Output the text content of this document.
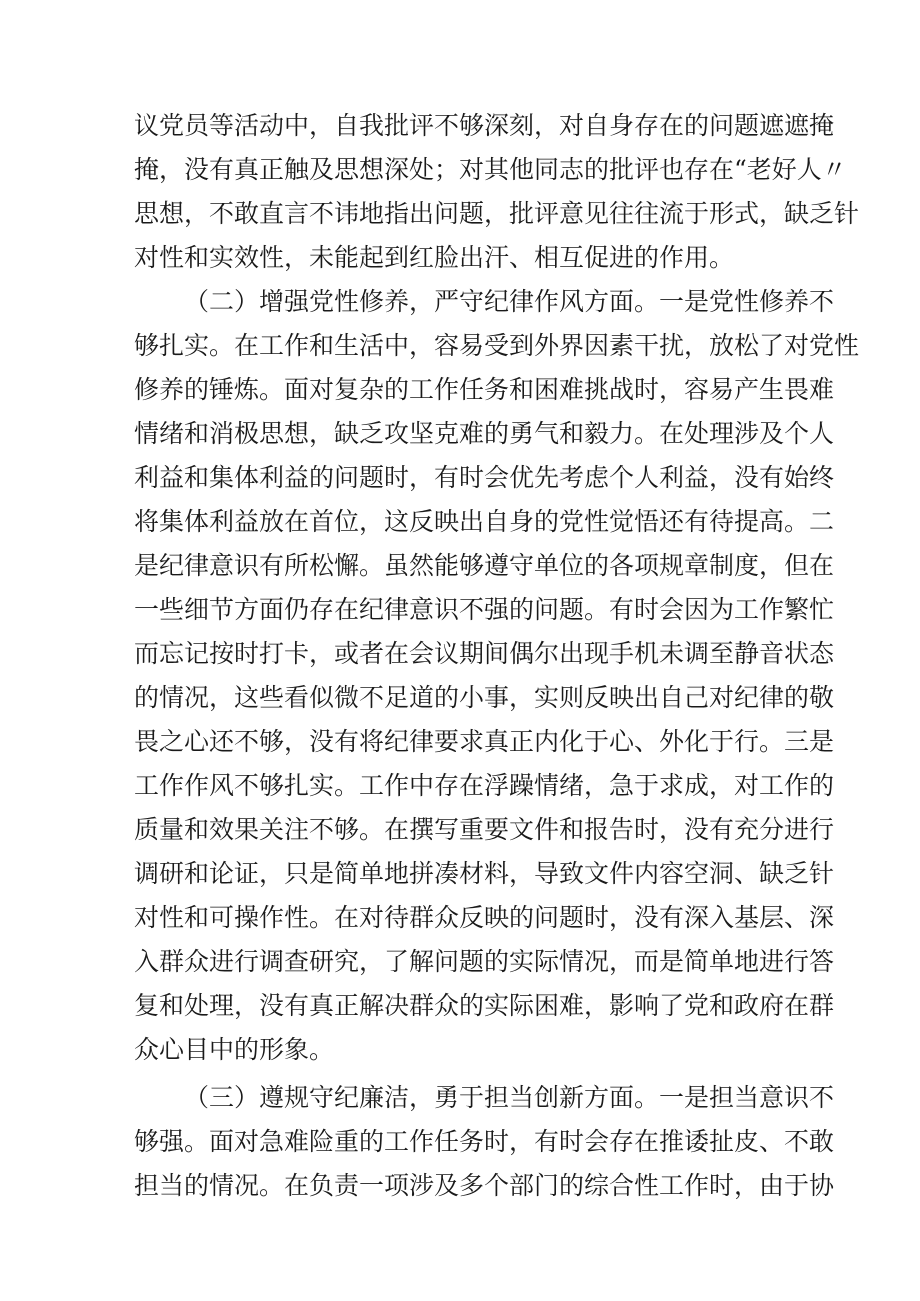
议党员等活动中，自我批评不够深刻，对自身存在的问题遮遮掩
掩，没有真正触及思想深处；对其他同志的批评也存在“老好人〃
思想，不敢直言不讳地指出问题，批评意见往往流于形式，缺乏针
对性和实效性，未能起到红脸出汗、相互促进的作用。
（二）增强党性修养，严守纪律作风方面。一是党性修养不
够扎实。在工作和生活中，容易受到外界因素干扰，放松了对党性
修养的锤炼。面对复杂的工作任务和困难挑战时，容易产生畏难
情绪和消极思想，缺乏攻坚克难的勇气和毅力。在处理涉及个人
利益和集体利益的问题时，有时会优先考虑个人利益，没有始终
将集体利益放在首位，这反映出自身的党性觉悟还有待提高。二
是纪律意识有所松懈。虽然能够遵守单位的各项规章制度，但在
一些细节方面仍存在纪律意识不强的问题。有时会因为工作繁忙
而忘记按时打卡，或者在会议期间偶尔出现手机未调至静音状态
的情况，这些看似微不足道的小事，实则反映出自己对纪律的敬
畏之心还不够，没有将纪律要求真正内化于心、外化于行。三是
工作作风不够扎实。工作中存在浮躁情绪，急于求成，对工作的
质量和效果关注不够。在撰写重要文件和报告时，没有充分进行
调研和论证，只是简单地拼凑材料，导致文件内容空洞、缺乏针
对性和可操作性。在对待群众反映的问题时，没有深入基层、深
入群众进行调查研究，了解问题的实际情况，而是简单地进行答
复和处理，没有真正解决群众的实际困难，影响了党和政府在群
众心目中的形象。
（三）遵规守纪廉洁，勇于担当创新方面。一是担当意识不
够强。面对急难险重的工作任务时，有时会存在推诿扯皮、不敢
担当的情况。在负责一项涉及多个部门的综合性工作时，由于协
